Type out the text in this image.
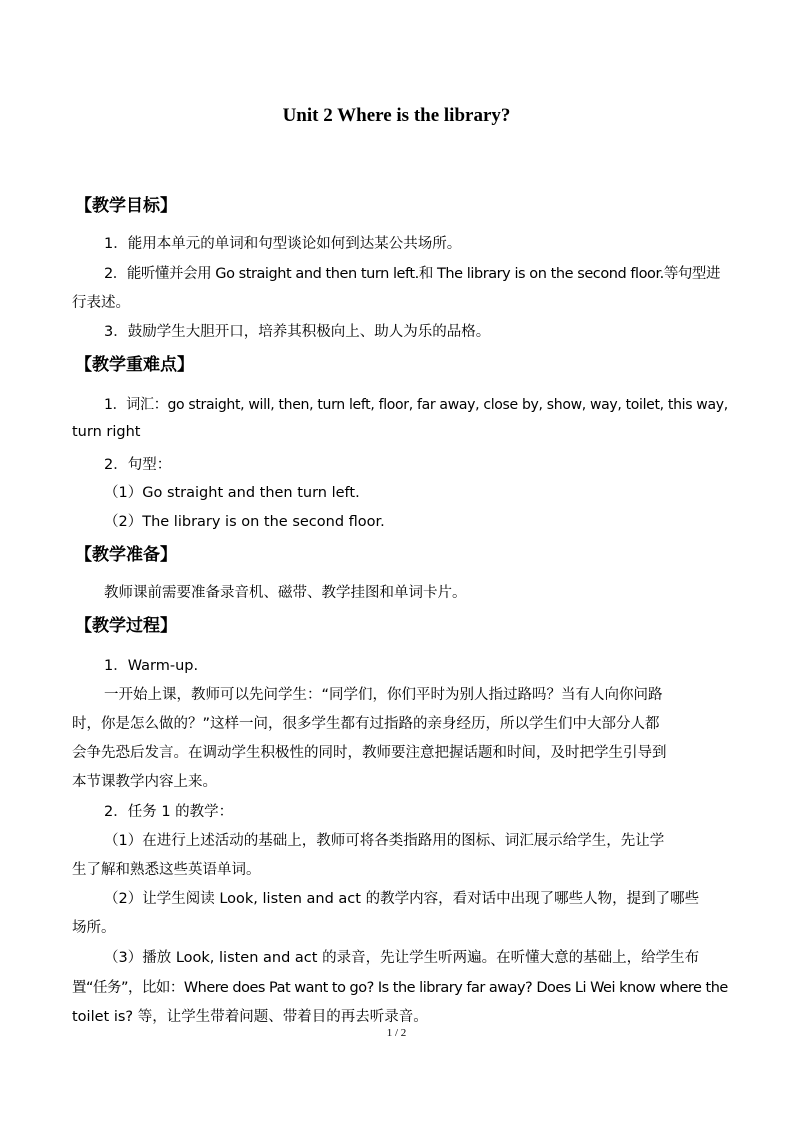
Unit 2 Where is the library?
【教学目标】
1．能用本单元的单词和句型谈论如何到达某公共场所。
2．能听懂并会用 Go straight and then turn left.和 The library is on the second floor.等句型进
行表述。
3．鼓励学生大胆开口，培养其积极向上、助人为乐的品格。
【教学重难点】
1．词汇：go straight, will, then, turn left, floor, far away, close by, show, way, toilet, this way,
turn right
2．句型：
（1）Go straight and then turn left.
（2）The library is on the second floor.
【教学准备】
教师课前需要准备录音机、磁带、教学挂图和单词卡片。
【教学过程】
1．Warm-up.
一开始上课，教师可以先问学生：“同学们，你们平时为别人指过路吗？当有人向你问路
时，你是怎么做的？”这样一问，很多学生都有过指路的亲身经历，所以学生们中大部分人都
会争先恐后发言。在调动学生积极性的同时，教师要注意把握话题和时间，及时把学生引导到
本节课教学内容上来。
2．任务 1 的教学：
（1）在进行上述活动的基础上，教师可将各类指路用的图标、词汇展示给学生，先让学
生了解和熟悉这些英语单词。
（2）让学生阅读 Look, listen and act 的教学内容，看对话中出现了哪些人物，提到了哪些
场所。
（3）播放 Look, listen and act 的录音，先让学生听两遍。在听懂大意的基础上，给学生布
置“任务”，比如：Where does Pat want to go? Is the library far away? Does Li Wei know where the
toilet is? 等，让学生带着问题、带着目的再去听录音。
1 / 2
